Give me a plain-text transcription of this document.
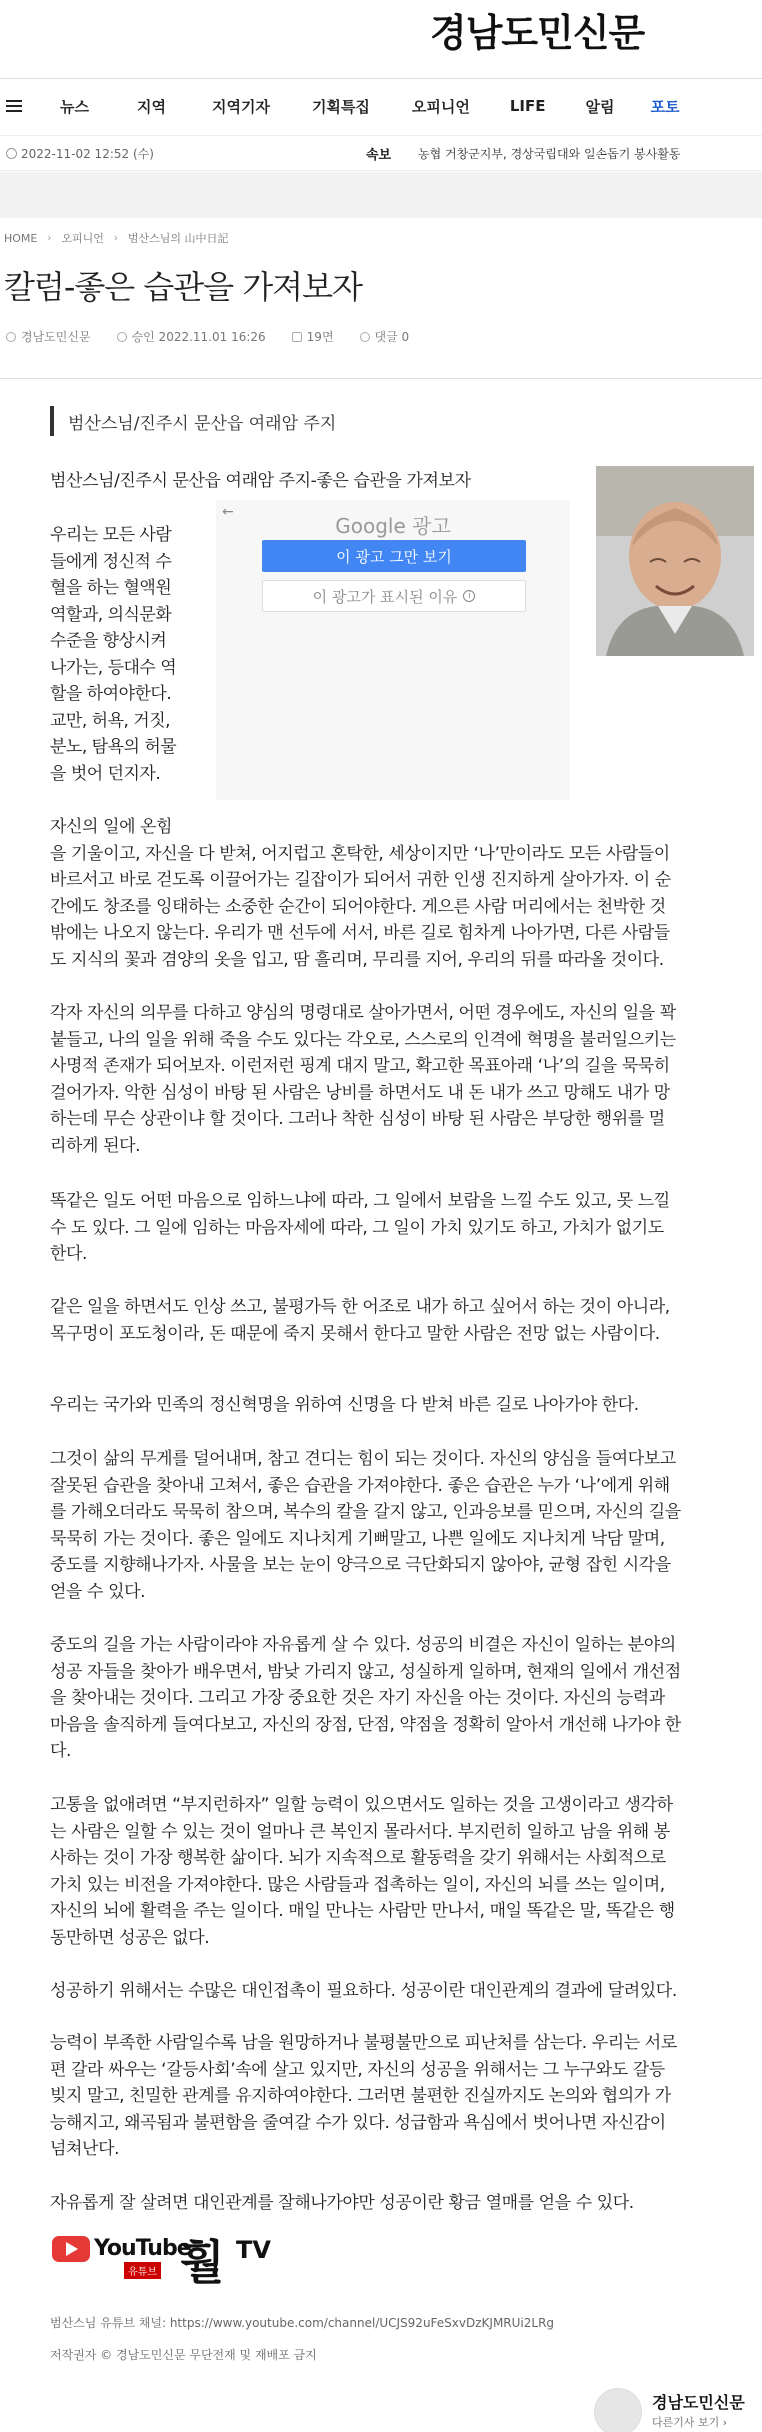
경남도민신문
뉴스	지역	지역기자	기획특집	오피니언	LIFE	알림 포토
2022-11-02 12:52 (수)	속보 농협 거창군지부, 경상국립대와 일손돕기 봉사활동
HOME › 오피니언 › 범산스님의 山中日記
칼럼-좋은 습관을 가져보자
경남도민신문	승인 2022.11.01 16:26	19면	댓글 0
범산스님/진주시 문산읍 여래암 주지
범산스님/진주시 문산읍 여래암 주지-좋은 습관을 가져보자
←
Google 광고
이 광고 그만 보기
이 광고가 표시된 이유	i
우리는 모든 사람
들에게 정신적 수
혈을 하는 혈액원
역할과, 의식문화
수준을 향상시켜
나가는, 등대수 역
할을 하여야한다.
교만, 허욕, 거짓,
분노, 탐욕의 허물
을 벗어 던지자.
자신의 일에 온힘
을 기울이고, 자신을 다 받쳐, 어지럽고 혼탁한, 세상이지만 ‘나’만이라도 모든 사람들이
바르서고 바로 걷도록 이끌어가는 길잡이가 되어서 귀한 인생 진지하게 살아가자. 이 순
간에도 창조를 잉태하는 소중한 순간이 되어야한다. 게으른 사람 머리에서는 천박한 것
밖에는 나오지 않는다. 우리가 맨 선두에 서서, 바른 길로 힘차게 나아가면, 다른 사람들
도 지식의 꽃과 겸양의 옷을 입고, 땀 흘리며, 무리를 지어, 우리의 뒤를 따라올 것이다.
각자 자신의 의무를 다하고 양심의 명령대로 살아가면서, 어떤 경우에도, 자신의 일을 꽉
붙들고, 나의 일을 위해 죽을 수도 있다는 각오로, 스스로의 인격에 혁명을 불러일으키는
사명적 존재가 되어보자. 이런저런 핑계 대지 말고, 확고한 목표아래 ‘나’의 길을 묵묵히
걸어가자. 악한 심성이 바탕 된 사람은 낭비를 하면서도 내 돈 내가 쓰고 망해도 내가 망
하는데 무슨 상관이냐 할 것이다. 그러나 착한 심성이 바탕 된 사람은 부당한 행위를 멀
리하게 된다.
똑같은 일도 어떤 마음으로 임하느냐에 따라, 그 일에서 보람을 느낄 수도 있고, 못 느낄
수 도 있다. 그 일에 임하는 마음자세에 따라, 그 일이 가치 있기도 하고, 가치가 없기도
한다.
같은 일을 하면서도 인상 쓰고, 불평가득 한 어조로 내가 하고 싶어서 하는 것이 아니라,
목구멍이 포도청이라, 돈 때문에 죽지 못해서 한다고 말한 사람은 전망 없는 사람이다.
우리는 국가와 민족의 정신혁명을 위하여 신명을 다 받쳐 바른 길로 나아가야 한다.
그것이 삶의 무게를 덜어내며, 참고 견디는 힘이 되는 것이다. 자신의 양심을 들여다보고
잘못된 습관을 찾아내 고쳐서, 좋은 습관을 가져야한다. 좋은 습관은 누가 ‘나’에게 위해
를 가해오더라도 묵묵히 참으며, 복수의 칼을 갈지 않고, 인과응보를 믿으며, 자신의 길을
묵묵히 가는 것이다. 좋은 일에도 지나치게 기뻐말고, 나쁜 일에도 지나치게 낙담 말며,
중도를 지향해나가자. 사물을 보는 눈이 양극으로 극단화되지 않아야, 균형 잡힌 시각을
얻을 수 있다.
중도의 길을 가는 사람이라야 자유롭게 살 수 있다. 성공의 비결은 자신이 일하는 분야의
성공 자들을 찾아가 배우면서, 밤낮 가리지 않고, 성실하게 일하며, 현재의 일에서 개선점
을 찾아내는 것이다. 그리고 가장 중요한 것은 자기 자신을 아는 것이다. 자신의 능력과
마음을 솔직하게 들여다보고, 자신의 장점, 단점, 약점을 정확히 알아서 개선해 나가야 한
다.
고통을 없애려면 “부지런하자” 일할 능력이 있으면서도 일하는 것을 고생이라고 생각하
는 사람은 일할 수 있는 것이 얼마나 큰 복인지 몰라서다. 부지런히 일하고 남을 위해 봉
사하는 것이 가장 행복한 삶이다. 뇌가 지속적으로 활동력을 갖기 위해서는 사회적으로
가치 있는 비전을 가져야한다. 많은 사람들과 접촉하는 일이, 자신의 뇌를 쓰는 일이며,
자신의 뇌에 활력을 주는 일이다. 매일 만나는 사람만 만나서, 매일 똑같은 말, 똑같은 행
동만하면 성공은 없다.
성공하기 위해서는 수많은 대인접촉이 필요하다. 성공이란 대인관계의 결과에 달려있다.
능력이 부족한 사람일수록 남을 원망하거나 불평불만으로 피난처를 삼는다. 우리는 서로
편 갈라 싸우는 ‘갈등사회’속에 살고 있지만, 자신의 성공을 위해서는 그 누구와도 갈등
빚지 말고, 친밀한 관계를 유지하여야한다. 그러면 불편한 진실까지도 논의와 협의가 가
능해지고, 왜곡됨과 불편함을 줄여갈 수가 있다. 성급함과 욕심에서 벗어나면 자신감이
넘쳐난다.
자유롭게 잘 살려면 대인관계를 잘해나가야만 성공이란 황금 열매를 얻을 수 있다.
YouTube
유튜브 훨 TV
범산스님 유튜브 채널: https://www.youtube.com/channel/UCJS92uFeSxvDzKJMRUi2LRg
저작권자 © 경남도민신문 무단전재 및 재배포 금지
경남도민신문
다른기사 보기 ›
